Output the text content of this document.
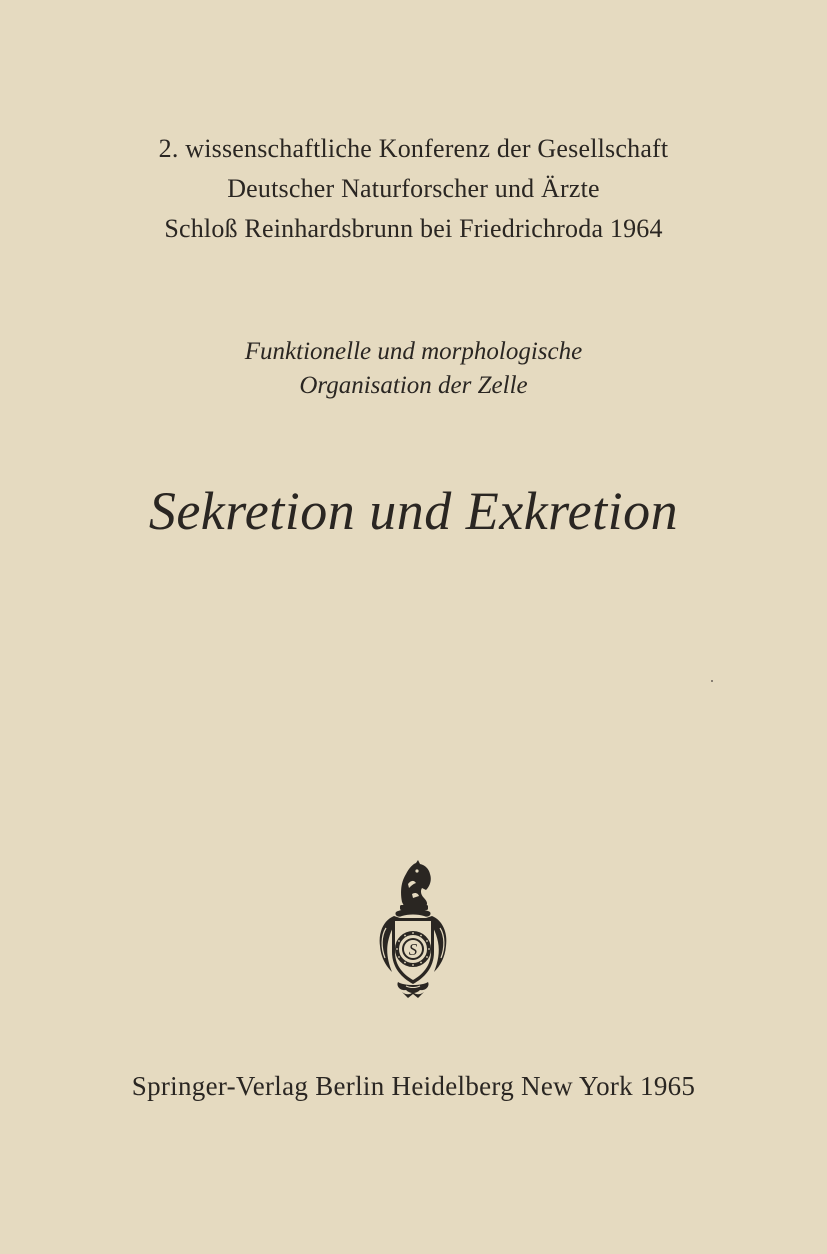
2. wissenschaftliche Konferenz der Gesellschaft
Deutscher Naturforscher und Ärzte
Schloß Reinhardsbrunn bei Friedrichroda 1964
Funktionelle und morphologische
Organisation der Zelle
Sekretion und Exkretion
S
Springer-Verlag Berlin Heidelberg New York 1965
